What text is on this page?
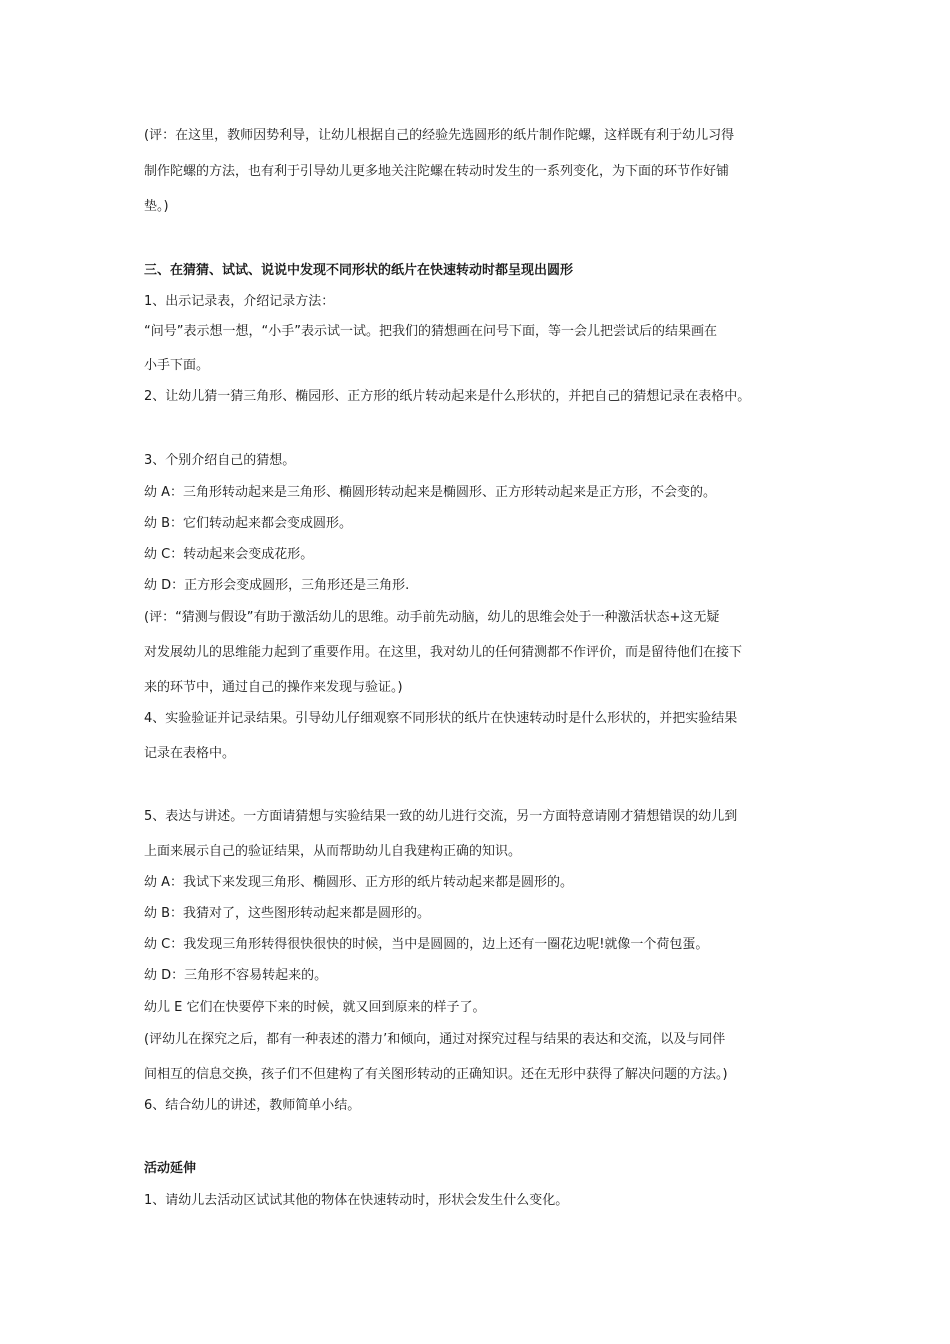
(评：在这里，教师因势利导，让幼儿根据自己的经验先选圆形的纸片制作陀螺，这样既有利于幼儿习得
制作陀螺的方法，也有利于引导幼儿更多地关注陀螺在转动时发生的一系列变化，为下面的环节作好铺
垫。)
三、在猜猜、试试、说说中发现不同形状的纸片在快速转动时都呈现出圆形
1、出示记录表，介绍记录方法：
“问号”表示想一想，“小手”表示试一试。把我们的猜想画在问号下面，等一会儿把尝试后的结果画在
小手下面。
2、让幼儿猜一猜三角形、椭园形、正方形的纸片转动起来是什么形状的，并把自己的猜想记录在表格中。
3、个别介绍自己的猜想。
幼 A：三角形转动起来是三角形、椭圆形转动起来是椭圆形、正方形转动起来是正方形，不会变的。
幼 B：它们转动起来都会变成圆形。
幼 C：转动起来会变成花形。
幼 D：正方形会变成圆形，三角形还是三角形.
(评：“猜测与假设”有助于激活幼儿的思维。动手前先动脑，幼儿的思维会处于一种激活状态+这无疑
对发展幼儿的思维能力起到了重要作用。在这里，我对幼儿的任何猜测都不作评价，而是留待他们在接下
来的环节中，通过自己的操作来发现与验证。)
4、实验验证并记录结果。引导幼儿仔细观察不同形状的纸片在快速转动时是什么形状的，并把实验结果
记录在表格中。
5、表达与讲述。一方面请猜想与实验结果一致的幼儿进行交流，另一方面特意请刚才猜想错误的幼儿到
上面来展示自己的验证结果，从而帮助幼儿自我建构正确的知识。
幼 A：我试下来发现三角形、椭圆形、正方形的纸片转动起来都是圆形的。
幼 B：我猜对了，这些图形转动起来都是圆形的。
幼 C：我发现三角形转得很快很快的时候，当中是圆圆的，边上还有一圈花边呢!就像一个荷包蛋。
幼 D：三角形不容易转起来的。
幼儿 E 它们在快要停下来的时候，就又回到原来的样子了。
(评幼儿在探究之后，都有一种表述的潜力’和倾向，通过对探究过程与结果的表达和交流，以及与同伴
间相互的信息交换，孩子们不但建构了有关图形转动的正确知识。还在无形中获得了解决问题的方法。)
6、结合幼儿的讲述，教师简单小结。
活动延伸
1、请幼儿去活动区试试其他的物体在快速转动时，形状会发生什么变化。
